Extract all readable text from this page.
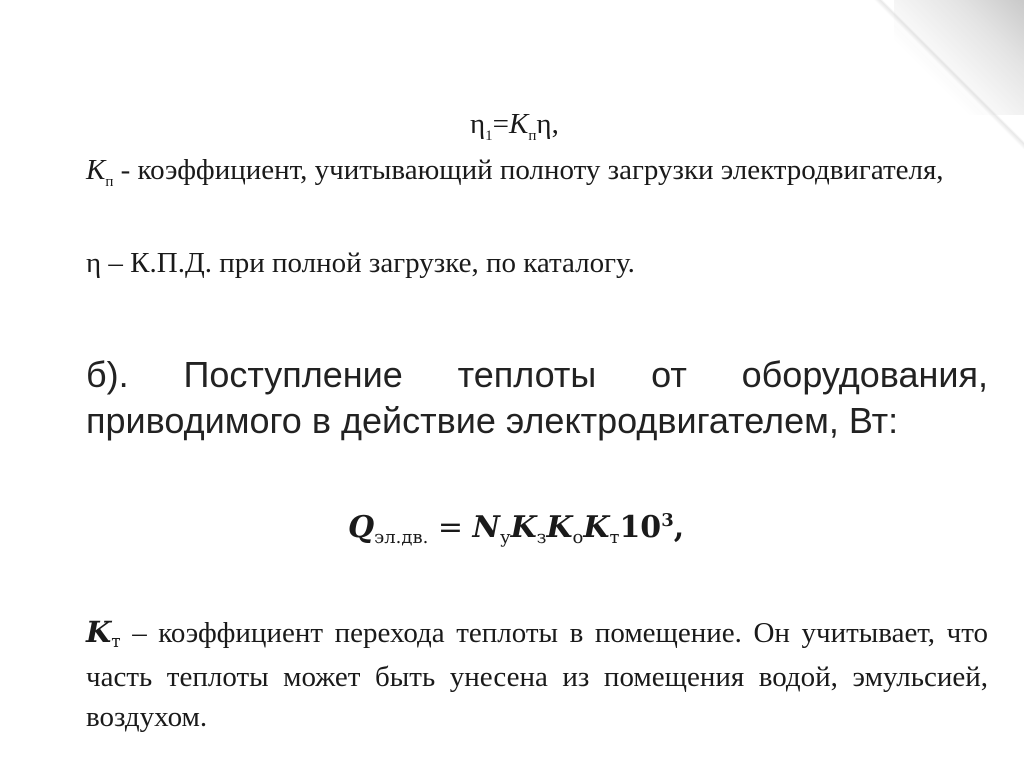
$\eta_1=K_п\eta$,
$K_п$ - коэффициент, учитывающий полноту загрузки электродвигателя,
η – К.П.Д. при полной загрузке, по каталогу.
б). Поступление теплоты от оборудования, приводимого в действие электродвигателем, Вт:
$Q_{эл.дв.} = N_уK_зK_оK_т10^3$,
Kт – коэффициент перехода теплоты в помещение. Он учитывает, что часть теплоты может быть унесена из помещения водой, эмульсией, воздухом.
